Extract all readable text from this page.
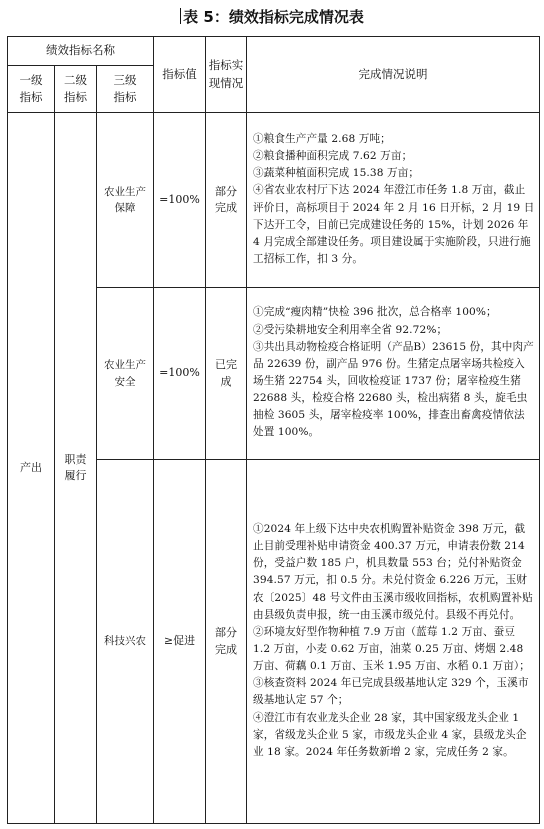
表 5：绩效指标完成情况表
绩效指标名称			指标值	指标实现情况	完成情况说明

一级指标	二级指标	三级指标			

产出	职责履行	农业生产保障	=100%	部分完成	①粮食生产产量 2.68 万吨；

②粮食播种面积完成 7.62 万亩；

③蔬菜种植面积完成 15.38 万亩；

④省农业农村厅下达 2024 年澄江市任务 1.8 万亩，截止评价日，高标项目于 2024 年 2 月 16 日开标，2 月 19 日下达开工令，目前已完成建设任务的 15%，计划 2026 年 4 月完成全部建设任务。项目建设属于实施阶段，只进行施工招标工作，扣 3 分。

		农业生产安全	=100%	已完成	①完成“瘦肉精”快检 396 批次，总合格率 100%；

②受污染耕地安全利用率全省 92.72%；

③共出具动物检疫合格证明（产品B）23615 份，其中肉产品 22639 份，副产品 976 份。生猪定点屠宰场共检疫入场生猪 22754 头，回收检疫证 1737 份；屠宰检疫生猪 22688 头，检疫合格 22680 头，检出病猪 8 头，旋毛虫抽检 3605 头，屠宰检疫率 100%，排查出畜禽疫情依法处置 100%。

		科技兴农	≥促进	部分完成	①2024 年上级下达中央农机购置补贴资金 398 万元，截止目前受理补贴申请资金 400.37 万元，申请表份数 214 份，受益户数 185 户，机具数量 553 台；兑付补贴资金 394.57 万元，扣 0.5 分。未兑付资金 6.226 万元，玉财农〔2025〕48 号文件由玉溪市级收回指标，农机购置补贴由县级负责申报，统一由玉溪市级兑付。县级不再兑付。

②环境友好型作物种植 7.9 万亩（蓝莓 1.2 万亩、蚕豆 1.2 万亩，小麦 0.62 万亩，油菜 0.25 万亩、烤烟 2.48 万亩、荷藕 0.1 万亩、玉米 1.95 万亩、水稻 0.1 万亩）；

③核查资料 2024 年已完成县级基地认定 329 个，玉溪市级基地认定 57 个；

④澄江市有农业龙头企业 28 家，其中国家级龙头企业 1 家，省级龙头企业 5 家，市级龙头企业 4 家，县级龙头企业 18 家。2024 年任务数新增 2 家，完成任务 2 家。
